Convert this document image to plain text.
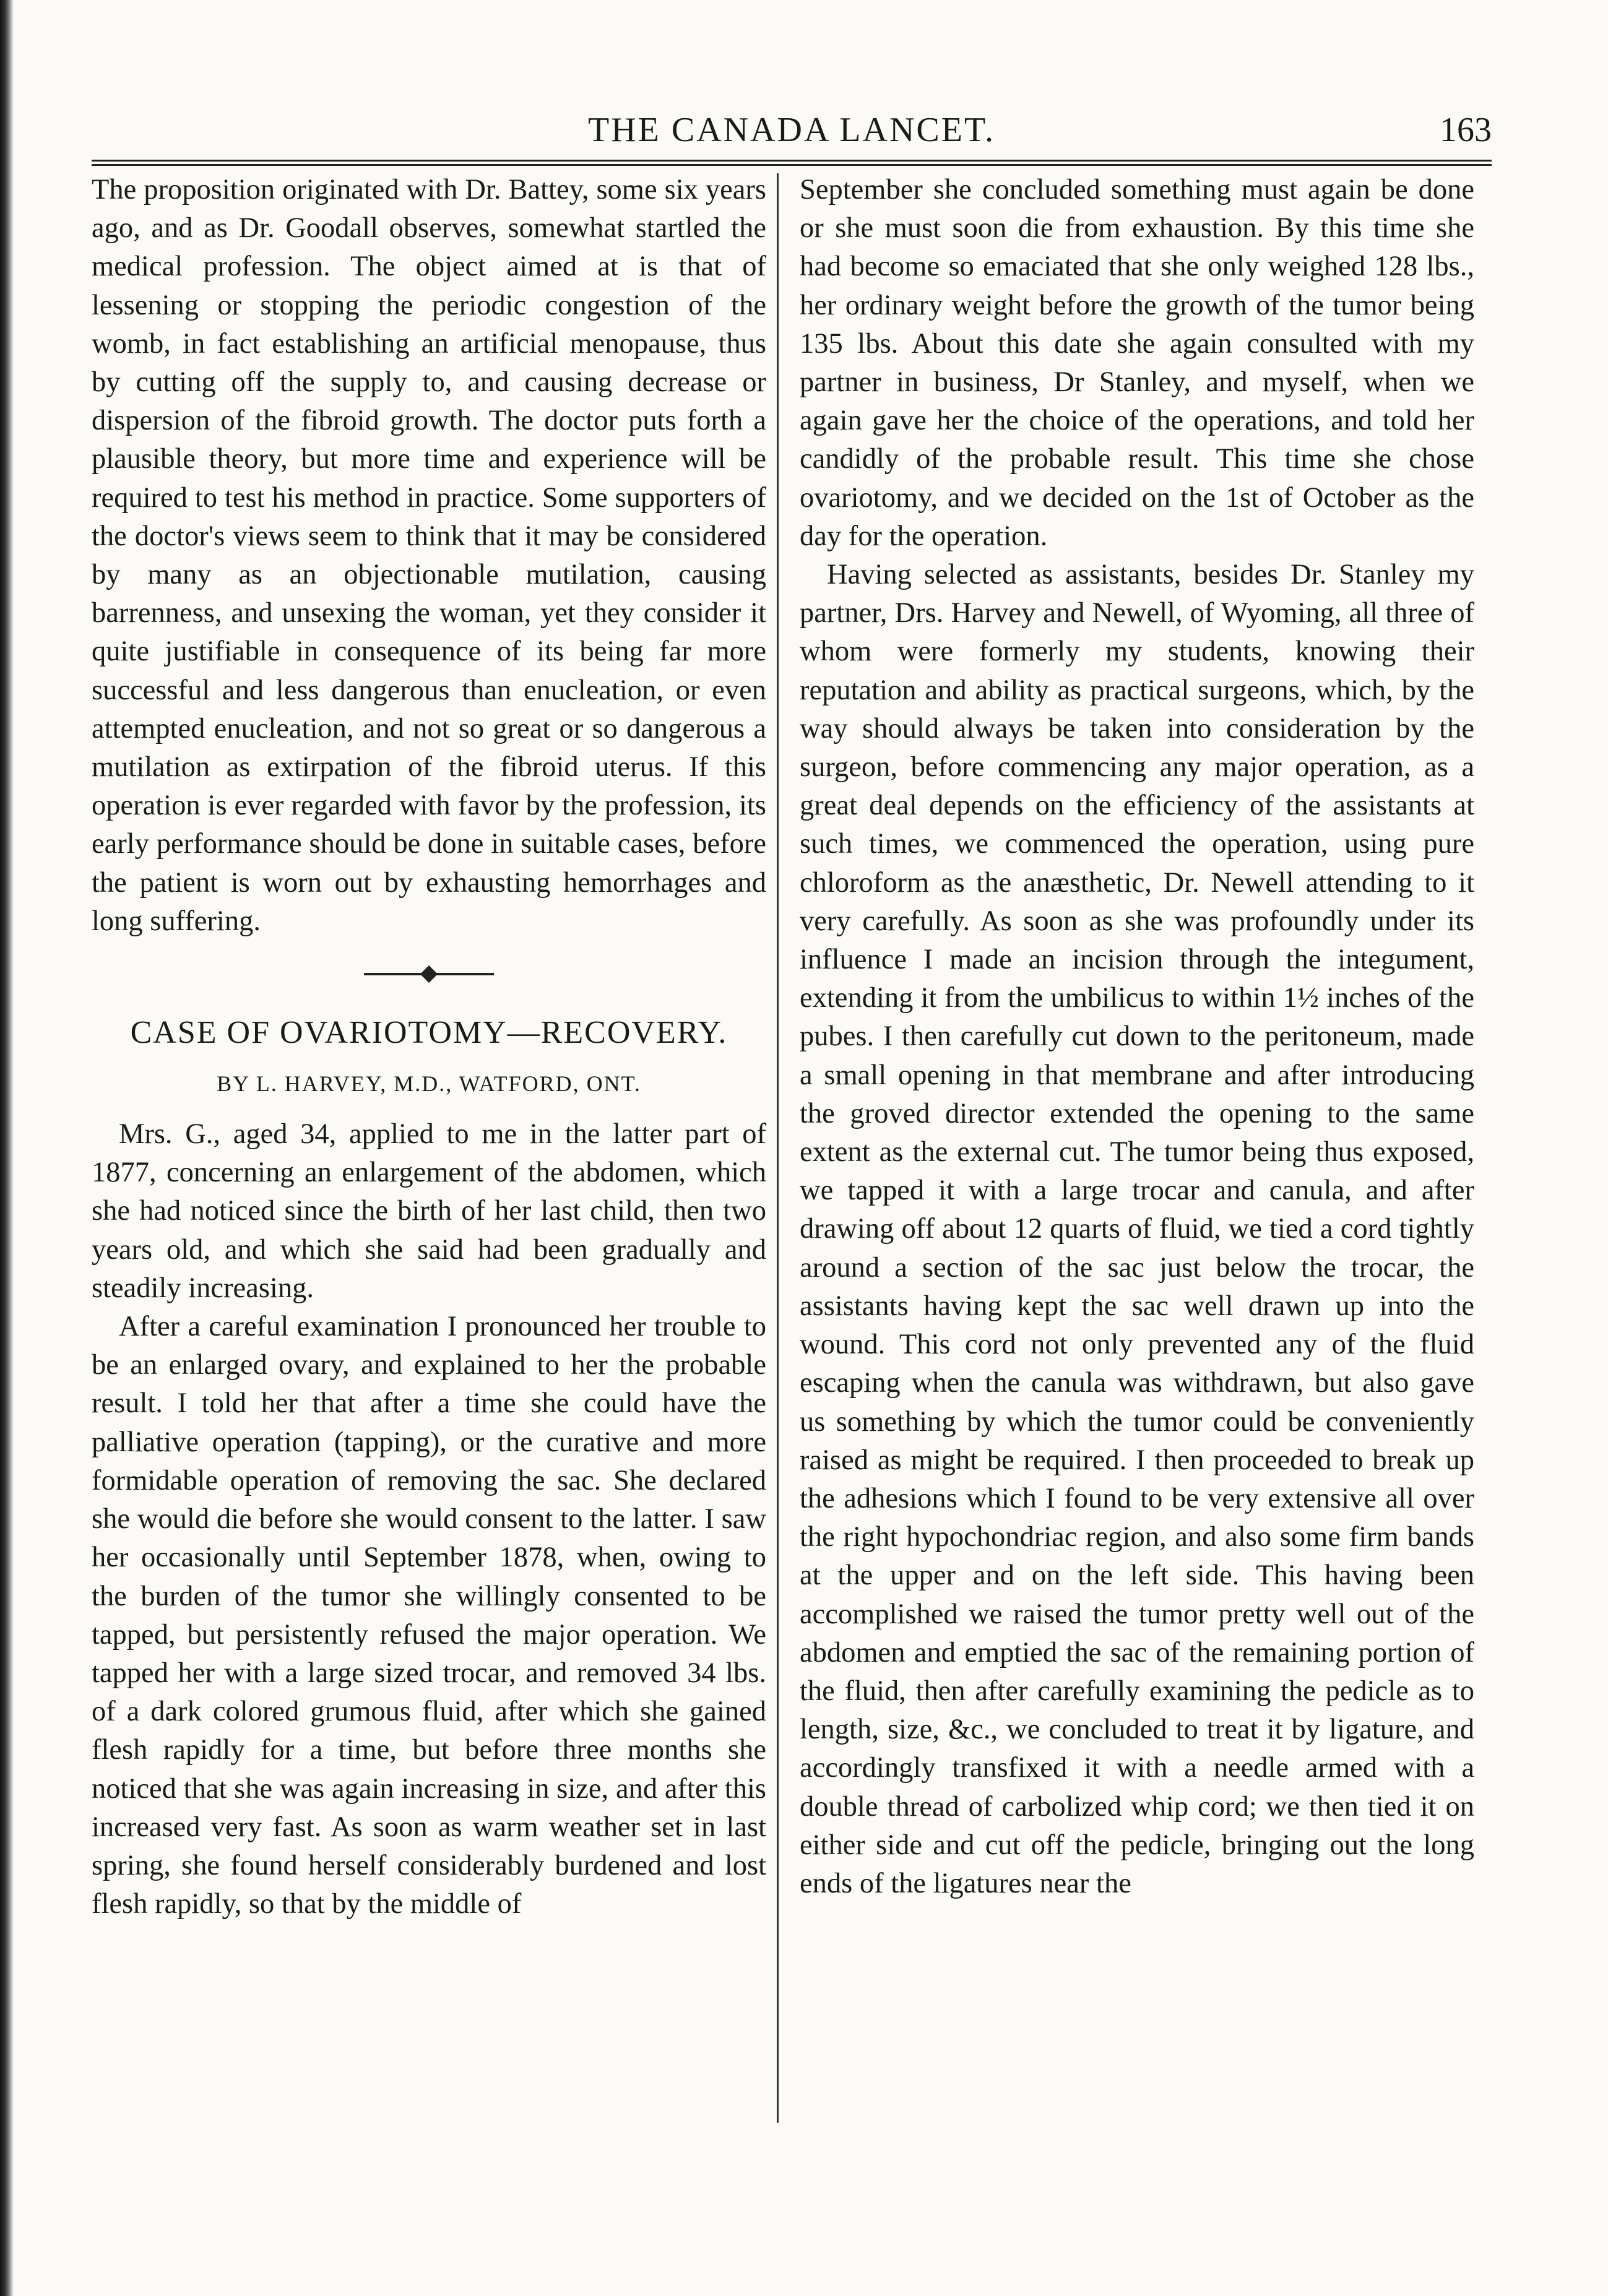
THE CANADA LANCET.	163

The proposition originated with Dr. Battey, some six years ago, and as Dr. Goodall observes, somewhat startled the medical profession. The object aimed at is that of lessening or stopping the periodic congestion of the womb, in fact establishing an artificial menopause, thus by cutting off the supply to, and causing decrease or dispersion of the fibroid growth. The doctor puts forth a plausible theory, but more time and experience will be required to test his method in practice. Some supporters of the doctor's views seem to think that it may be considered by many as an objectionable mutilation, causing barrenness, and unsexing the woman, yet they consider it quite justifiable in consequence of its being far more successful and less dangerous than enucleation, or even attempted enucleation, and not so great or so dangerous a mutilation as extirpation of the fibroid uterus. If this operation is ever regarded with favor by the profession, its early performance should be done in suitable cases, before the patient is worn out by exhausting hemorrhages and long suffering.

CASE OF OVARIOTOMY—RECOVERY.
BY L. HARVEY, M.D., WATFORD, ONT.

Mrs. G., aged 34, applied to me in the latter part of 1877, concerning an enlargement of the abdomen, which she had noticed since the birth of her last child, then two years old, and which she said had been gradually and steadily increasing.

After a careful examination I pronounced her trouble to be an enlarged ovary, and explained to her the probable result. I told her that after a time she could have the palliative operation (tapping), or the curative and more formidable operation of removing the sac. She declared she would die before she would consent to the latter. I saw her occasionally until September 1878, when, owing to the burden of the tumor she willingly consented to be tapped, but persistently refused the major operation. We tapped her with a large sized trocar, and removed 34 lbs. of a dark colored grumous fluid, after which she gained flesh rapidly for a time, but before three months she noticed that she was again increasing in size, and after this increased very fast. As soon as warm weather set in last spring, she found herself considerably burdened and lost flesh rapidly, so that by the middle of

September she concluded something must again be done or she must soon die from exhaustion. By this time she had become so emaciated that she only weighed 128 lbs., her ordinary weight before the growth of the tumor being 135 lbs. About this date she again consulted with my partner in business, Dr Stanley, and myself, when we again gave her the choice of the operations, and told her candidly of the probable result. This time she chose ovariotomy, and we decided on the 1st of October as the day for the operation.

Having selected as assistants, besides Dr. Stanley my partner, Drs. Harvey and Newell, of Wyoming, all three of whom were formerly my students, knowing their reputation and ability as practical surgeons, which, by the way should always be taken into consideration by the surgeon, before commencing any major operation, as a great deal depends on the efficiency of the assistants at such times, we commenced the operation, using pure chloroform as the anæsthetic, Dr. Newell attending to it very carefully. As soon as she was profoundly under its influence I made an incision through the integument, extending it from the umbilicus to within 1½ inches of the pubes. I then carefully cut down to the peritoneum, made a small opening in that membrane and after introducing the groved director extended the opening to the same extent as the external cut. The tumor being thus exposed, we tapped it with a large trocar and canula, and after drawing off about 12 quarts of fluid, we tied a cord tightly around a section of the sac just below the trocar, the assistants having kept the sac well drawn up into the wound. This cord not only prevented any of the fluid escaping when the canula was withdrawn, but also gave us something by which the tumor could be conveniently raised as might be required. I then proceeded to break up the adhesions which I found to be very extensive all over the right hypochondriac region, and also some firm bands at the upper and on the left side. This having been accomplished we raised the tumor pretty well out of the abdomen and emptied the sac of the remaining portion of the fluid, then after carefully examining the pedicle as to length, size, &c., we concluded to treat it by ligature, and accordingly transfixed it with a needle armed with a double thread of carbolized whip cord; we then tied it on either side and cut off the pedicle, bringing out the long ends of the ligatures near the
